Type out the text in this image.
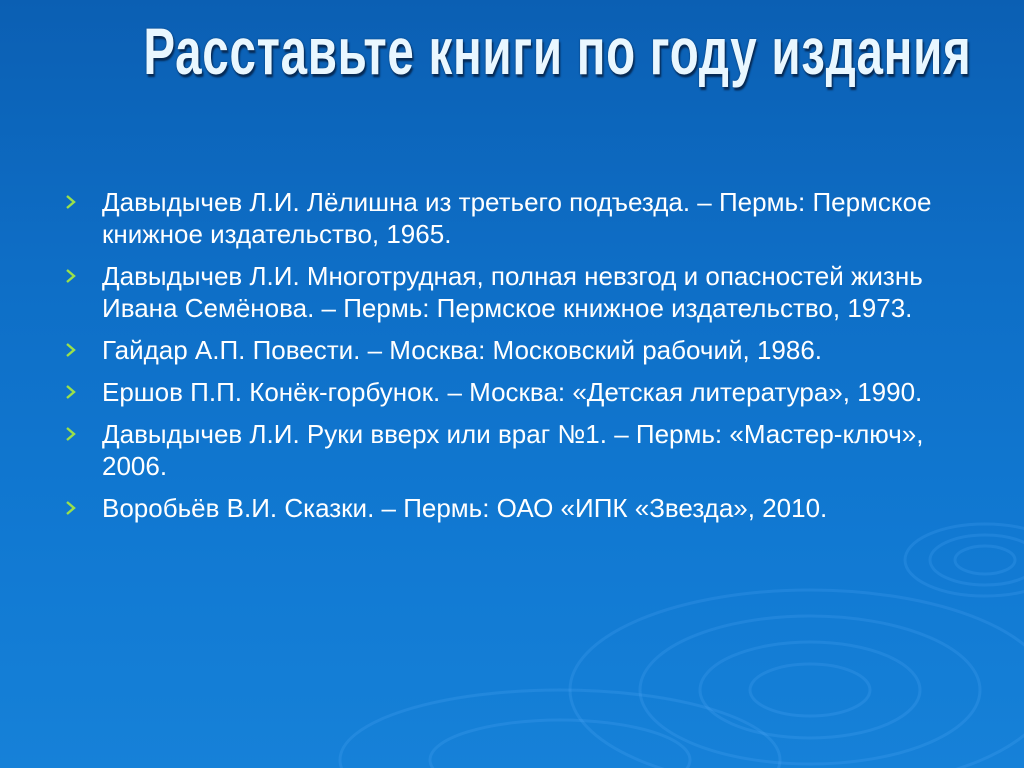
Расставьте книги по году издания
Давыдычев Л.И. Лёлишна из третьего подъезда. – Пермь: Пермское книжное издательство, 1965.
Давыдычев Л.И. Многотрудная, полная невзгод и опасностей жизнь Ивана Семёнова. – Пермь: Пермское книжное издательство, 1973.
Гайдар А.П. Повести. – Москва: Московский рабочий, 1986.
Ершов П.П. Конёк-горбунок. – Москва: «Детская литература», 1990.
Давыдычев Л.И. Руки вверх или враг №1. – Пермь: «Мастер-ключ», 2006.
Воробьёв В.И. Сказки. – Пермь: ОАО «ИПК «Звезда», 2010.
